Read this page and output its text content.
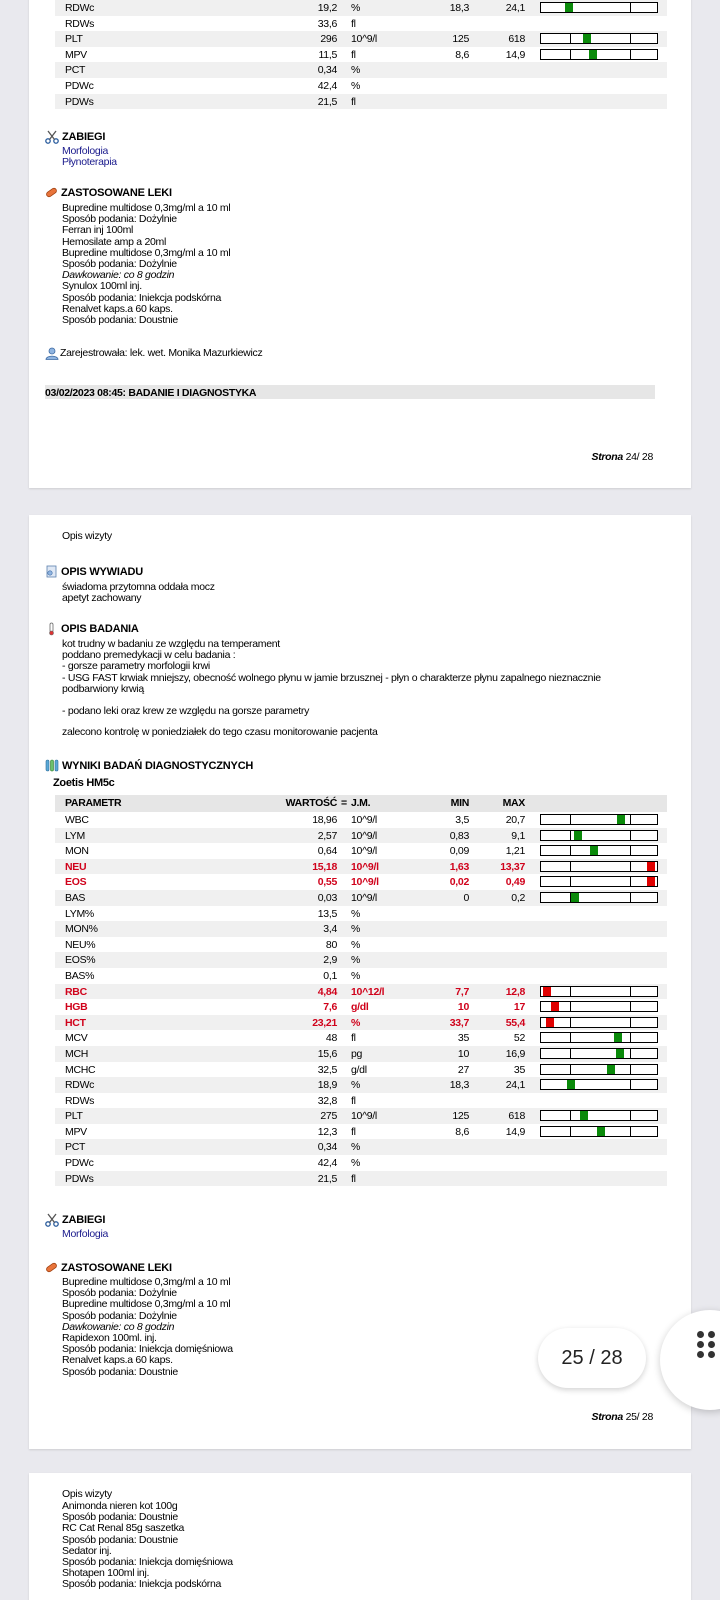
RDWc	19,2 %	18,3	24,1
RDWs	33,6 fl
PLT	296 10^9/l	125	618
MPV	11,5 fl	8,6	14,9
PCT	0,34 %
PDWc	42,4 %
PDWs	21,5 fl
ZABIEGI
Morfologia
Płynoterapia
ZASTOSOWANE LEKI
Bupredine multidose 0,3mg/ml a 10 ml
Sposób podania: Dożylnie
Ferran inj 100ml
Hemosilate amp a 20ml
Bupredine multidose 0,3mg/ml a 10 ml
Sposób podania: Dożylnie
Dawkowanie: co 8 godzin
Synulox 100ml inj.
Sposób podania: Iniekcja podskórna
Renalvet kaps.a 60 kaps.
Sposób podania: Doustnie
Zarejestrowała: lek. wet. Monika Mazurkiewicz
03/02/2023 08:45: BADANIE I DIAGNOSTYKA
Strona 24/ 28
Opis wizyty
OPIS WYWIADU
świadoma przytomna oddała mocz
apetyt zachowany
OPIS BADANIA
kot trudny w badaniu ze względu na temperament
poddano premedykacji w celu badania :
- gorsze parametry morfologii krwi
- USG FAST krwiak mniejszy, obecność wolnego płynu w jamie brzusznej - płyn o charakterze płynu zapalnego nieznacznie
podbarwiony krwią
- podano leki oraz krew ze względu na gorsze parametry
zalecono kontrolę w poniedziałek do tego czasu monitorowanie pacjenta
WYNIKI BADAŃ DIAGNOSTYCZNYCH
Zoetis HM5c
PARAMETR	WARTOŚĆ = J.M.	MIN	MAX
WBC	18,96 10^9/l	3,5	20,7
LYM	2,57 10^9/l	0,83	9,1
MON	0,64 10^9/l	0,09	1,21
NEU	15,18 10^9/l	1,63	13,37
EOS	0,55 10^9/l	0,02	0,49
BAS	0,03 10^9/l	0	0,2
LYM%	13,5 %
MON%	3,4 %
NEU%	80 %
EOS%	2,9 %
BAS%	0,1 %
RBC	4,84 10^12/l	7,7	12,8
HGB	7,6 g/dl	10	17
HCT	23,21 %	33,7	55,4
MCV	48 fl	35	52
MCH	15,6 pg	10	16,9
MCHC	32,5 g/dl	27	35
RDWc	18,9 %	18,3	24,1
RDWs	32,8 fl
PLT	275 10^9/l	125	618
MPV	12,3 fl	8,6	14,9
PCT	0,34 %
PDWc	42,4 %
PDWs	21,5 fl
ZABIEGI
Morfologia
ZASTOSOWANE LEKI
Bupredine multidose 0,3mg/ml a 10 ml
Sposób podania: Dożylnie
Bupredine multidose 0,3mg/ml a 10 ml
Sposób podania: Dożylnie
Dawkowanie: co 8 godzin
Rapidexon 100ml. inj.
Sposób podania: Iniekcja domięśniowa
Renalvet kaps.a 60 kaps.
Sposób podania: Doustnie
Strona 25/ 28
Opis wizyty
Animonda nieren kot 100g
Sposób podania: Doustnie
RC Cat Renal 85g saszetka
Sposób podania: Doustnie
Sedator inj.
Sposób podania: Iniekcja domięśniowa
Shotapen 100ml inj.
Sposób podania: Iniekcja podskórna
25 / 28
